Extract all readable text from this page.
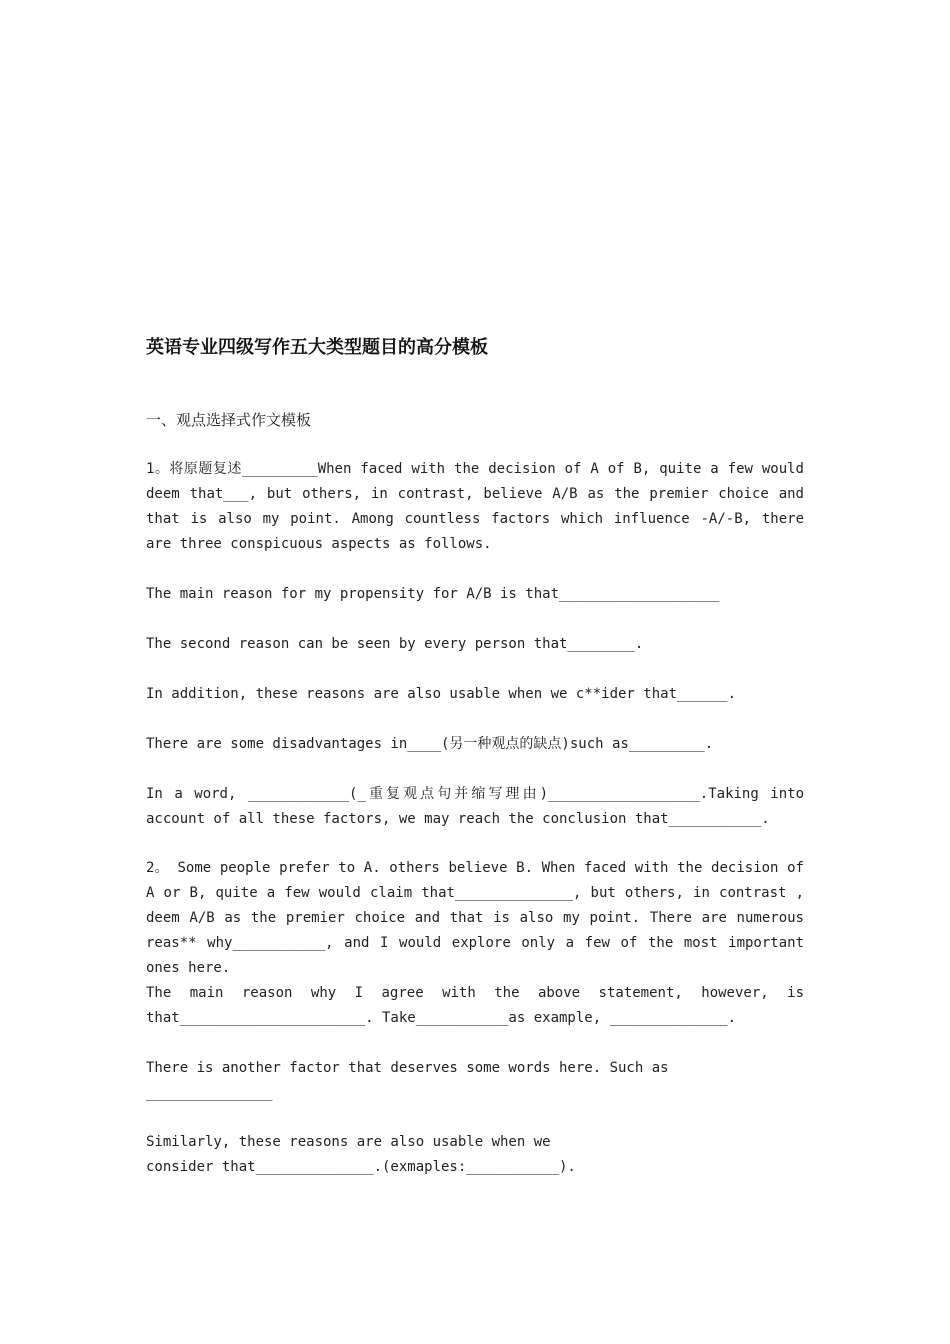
英语专业四级写作五大类型题目的高分模板

一、观点选择式作文模板

1。将原题复述_________When faced with the decision of A of B, quite a few would deem that___, but others, in contrast, believe A/B as the premier choice and that is also my point. Among countless factors which influence -A/-B, there are three conspicuous aspects as follows.

The main reason for my propensity for A/B is that___________________

The second reason can be seen by every person that________.

In addition, these reasons are also usable when we c**ider that______.

There are some disadvantages in____(另一种观点的缺点)such as_________.

In a word, ____________(_重复观点句并缩写理由)__________________.Taking into account of all these factors, we may reach the conclusion that___________.

2。 Some people prefer to A. others believe B. When faced with the decision of A or B, quite a few would claim that______________, but others, in contrast , deem A/B as the premier choice and that is also my point. There are numerous reas** why___________, and I would explore only a few of the most important ones here.

The main reason why I agree with the above statement, however, is
that______________________. Take___________as example, ______________.
There is another factor that deserves some words here. Such as
_______________
Similarly, these reasons are also usable when we
consider that______________.(exmaples:___________).
